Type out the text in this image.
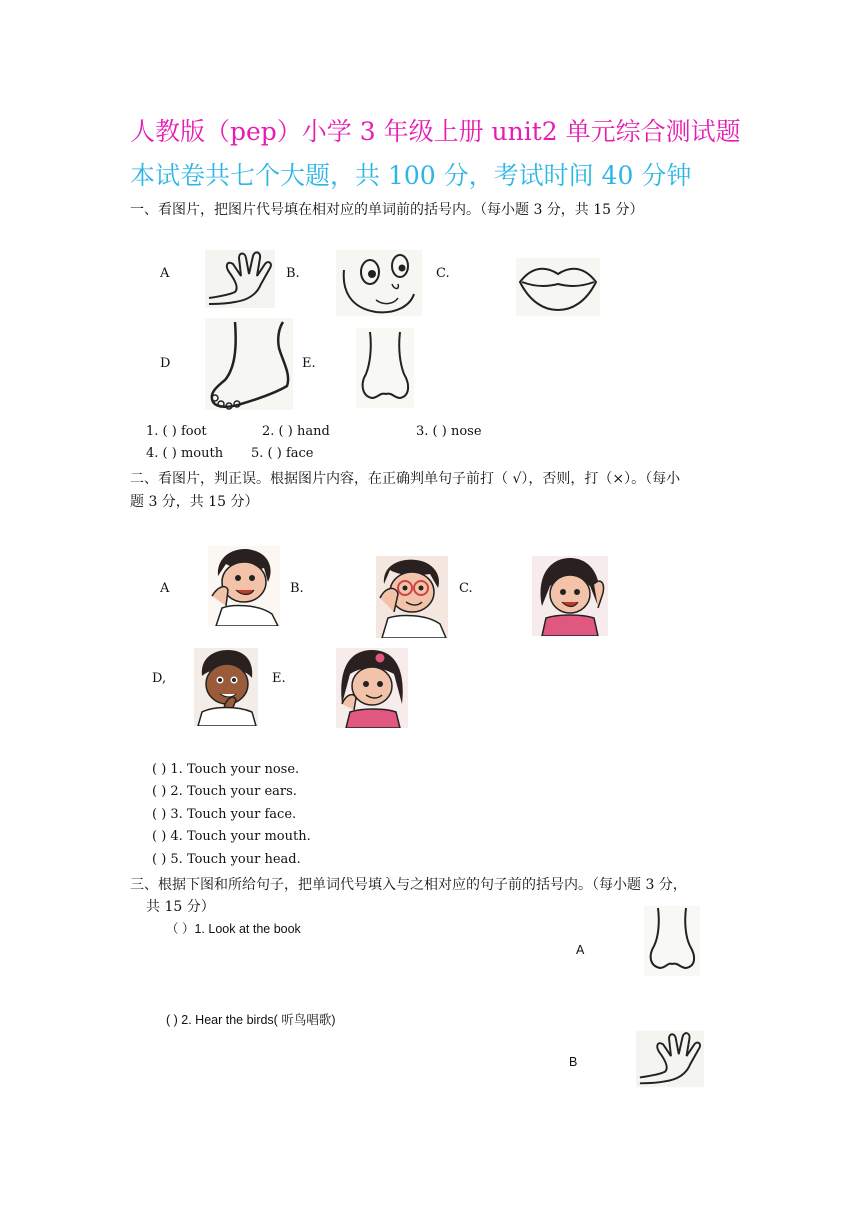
人教版（pep）小学 3 年级上册 unit2 单元综合测试题
本试卷共七个大题，共 100 分，考试时间 40 分钟
一、看图片，把图片代号填在相对应的单词前的括号内。（每小题 3 分，共 15 分）
A	B.	C.
D	E.
1. ( ) foot	2. ( ) hand	3. ( ) nose
4. ( ) mouth 5. ( ) face
二、看图片，判正误。根据图片内容，在正确判单句子前打（ √），否则，打（×）。（每小
题 3 分，共 15 分）
A	B.	C.
D,	E.
( ) 1. Touch your nose.
( ) 2. Touch your ears.
( ) 3. Touch your face.
( ) 4. Touch your mouth.
( ) 5. Touch your head.
三、根据下图和所给句子，把单词代号填入与之相对应的句子前的括号内。（每小题 3 分，
共 15 分）
（ ）1. Look at the book
A
( ) 2. Hear the birds( 听鸟唱歌)
B
